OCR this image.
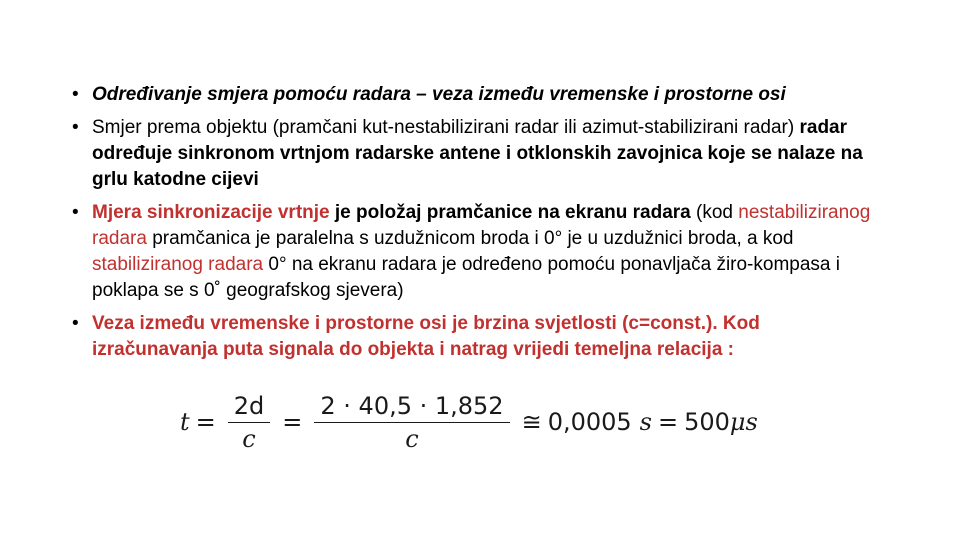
• Određivanje smjera pomoću radara – veza između vremenske i prostorne osi
• Smjer prema objektu (pramčani kut-nestabilizirani radar ili azimut-stabilizirani radar) radar određuje sinkronom vrtnjom radarske antene i otklonskih zavojnica koje se nalaze na grlu katodne cijevi
• Mjera sinkronizacije vrtnje je položaj pramčanice na ekranu radara (kod nestabiliziranog radara pramčanica je paralelna s uzdužnicom broda i 0° je u uzdužnici broda, a kod stabiliziranog radara 0° na ekranu radara je određeno pomoću ponavljača žiro-kompasa i poklapa se s 0˚ geografskog sjevera)
• Veza između vremenske i prostorne osi je brzina svjetlosti (c=const.). Kod izračunavanja puta signala do objekta i natrag vrijedi temeljna relacija :
$t = \frac{2d}{c} = \frac{2 \cdot 40,5 \cdot 1,852}{c}$ ≅ 0,0005 s = 500 μs
